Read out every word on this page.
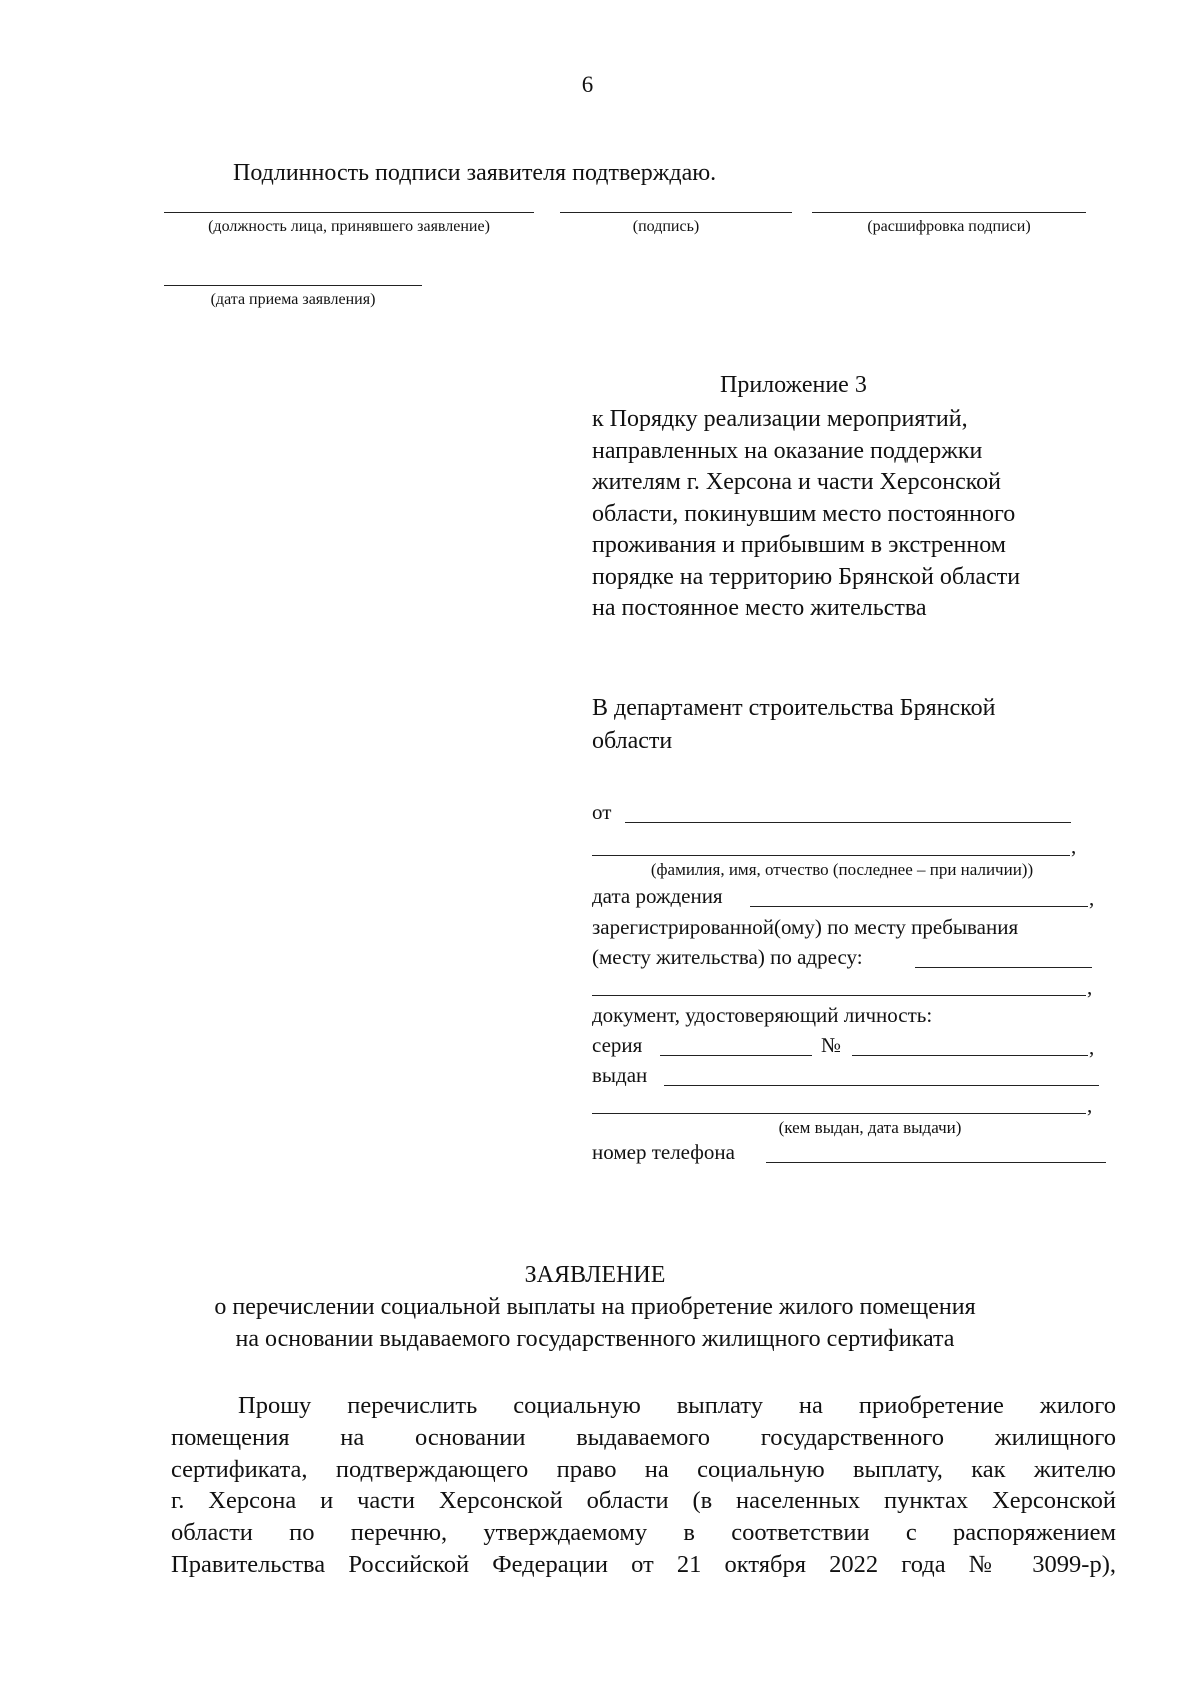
6
Подлинность подписи заявителя подтверждаю.
(должность лица, принявшего заявление)	(подпись)	(расшифровка подписи)
(дата приема заявления)
Приложение 3
к Порядку реализации мероприятий,
направленных на оказание поддержки
жителям г. Херсона и части Херсонской
области, покинувшим место постоянного
проживания и прибывшим в экстренном
порядке на территорию Брянской области
на постоянное место жительства
В департамент строительства Брянской
области
от
,
(фамилия, имя, отчество (последнее – при наличии))
дата рождения	,
зарегистрированной(ому) по месту пребывания
(месту жительства) по адресу:
,
документ, удостоверяющий личность:
серия	№	,
выдан
,
(кем выдан, дата выдачи)
номер телефона
ЗАЯВЛЕНИЕ
о перечислении социальной выплаты на приобретение жилого помещения
на основании выдаваемого государственного жилищного сертификата
Прошу перечислить социальную выплату на приобретение жилого
помещения на основании выдаваемого государственного жилищного
сертификата, подтверждающего право на социальную выплату, как жителю
г. Херсона и части Херсонской области (в населенных пунктах Херсонской
области по перечню, утверждаемому в соответствии с распоряжением
Правительства Российской Федерации от 21 октября 2022 года № 3099-р),
